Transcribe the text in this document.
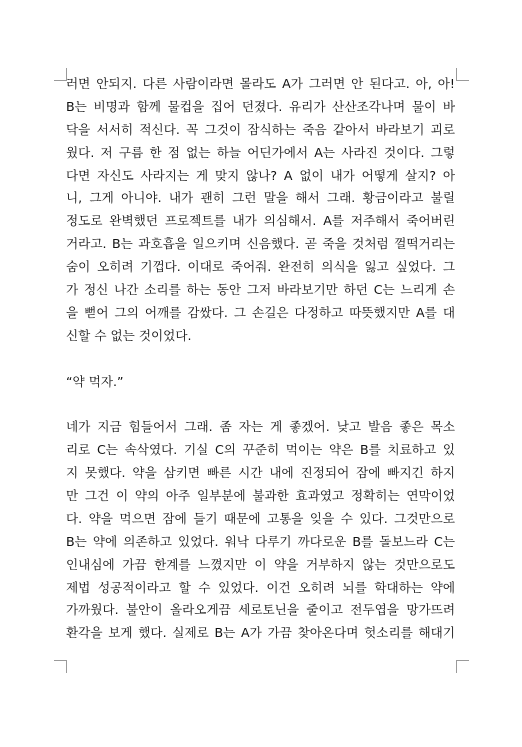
러면 안되지. 다른 사람이라면 몰라도 A가 그러면 안 된다고. 아, 아!
B는 비명과 함께 물컵을 집어 던졌다. 유리가 산산조각나며 물이 바
닥을 서서히 적신다. 꼭 그것이 잠식하는 죽음 같아서 바라보기 괴로
웠다. 저 구름 한 점 없는 하늘 어딘가에서 A는 사라진 것이다. 그렇
다면 자신도 사라지는 게 맞지 않나? A 없이 내가 어떻게 살지? 아
니, 그게 아니야. 내가 괜히 그런 말을 해서 그래. 황금이라고 불릴
정도로 완벽했던 프로젝트를 내가 의심해서. A를 저주해서 죽어버린
거라고. B는 과호흡을 일으키며 신음했다. 곧 죽을 것처럼 껄떡거리는
숨이 오히려 기껍다. 이대로 죽어줘. 완전히 의식을 잃고 싶었다. 그
가 정신 나간 소리를 하는 동안 그저 바라보기만 하던 C는 느리게 손
을 뻗어 그의 어깨를 감쌌다. 그 손길은 다정하고 따뜻했지만 A를 대
신할 수 없는 것이었다.
“약 먹자.”
네가 지금 힘들어서 그래. 좀 자는 게 좋겠어. 낮고 발음 좋은 목소
리로 C는 속삭였다. 기실 C의 꾸준히 먹이는 약은 B를 치료하고 있
지 못했다. 약을 삼키면 빠른 시간 내에 진정되어 잠에 빠지긴 하지
만 그건 이 약의 아주 일부분에 불과한 효과였고 정확히는 연막이었
다. 약을 먹으면 잠에 들기 때문에 고통을 잊을 수 있다. 그것만으로
B는 약에 의존하고 있었다. 워낙 다루기 까다로운 B를 돌보느라 C는
인내심에 가끔 한계를 느꼈지만 이 약을 거부하지 않는 것만으로도
제법 성공적이라고 할 수 있었다. 이건 오히려 뇌를 학대하는 약에
가까웠다. 불안이 올라오게끔 세로토닌을 줄이고 전두엽을 망가뜨려
환각을 보게 했다. 실제로 B는 A가 가끔 찾아온다며 헛소리를 해대기
